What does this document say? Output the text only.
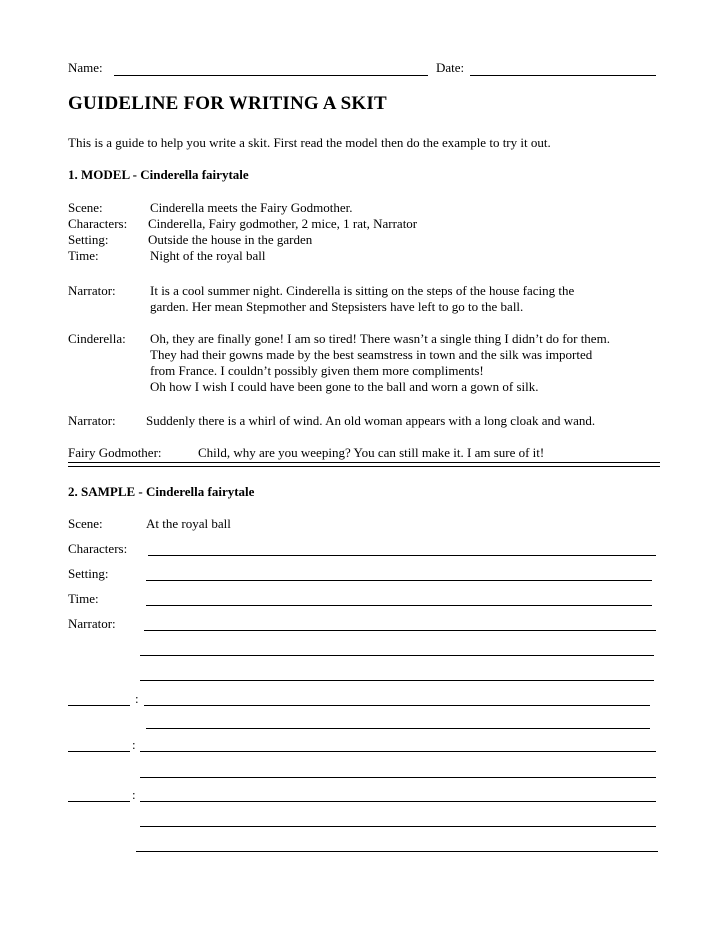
Name:	Date:
GUIDELINE FOR WRITING A SKIT
This is a guide to help you write a skit. First read the model then do the example to try it out.
1. MODEL - Cinderella fairytale
Scene:	Cinderella meets the Fairy Godmother.
Characters: Cinderella, Fairy godmother, 2 mice, 1 rat, Narrator
Setting:	Outside the house in the garden
Time:	Night of the royal ball
Narrator:	It is a cool summer night. Cinderella is sitting on the steps of the house facing the
garden. Her mean Stepmother and Stepsisters have left to go to the ball.
Cinderella: Oh, they are finally gone! I am so tired! There wasn’t a single thing I didn’t do for them.
They had their gowns made by the best seamstress in town and the silk was imported
from France. I couldn’t possibly given them more compliments!
Oh how I wish I could have been gone to the ball and worn a gown of silk.
Narrator: Suddenly there is a whirl of wind. An old woman appears with a long cloak and wand.
Fairy Godmother:	Child, why are you weeping? You can still make it. I am sure of it!
2. SAMPLE - Cinderella fairytale
Scene:	At the royal ball
Characters:
Setting:
Time:
Narrator:
:
:
:
